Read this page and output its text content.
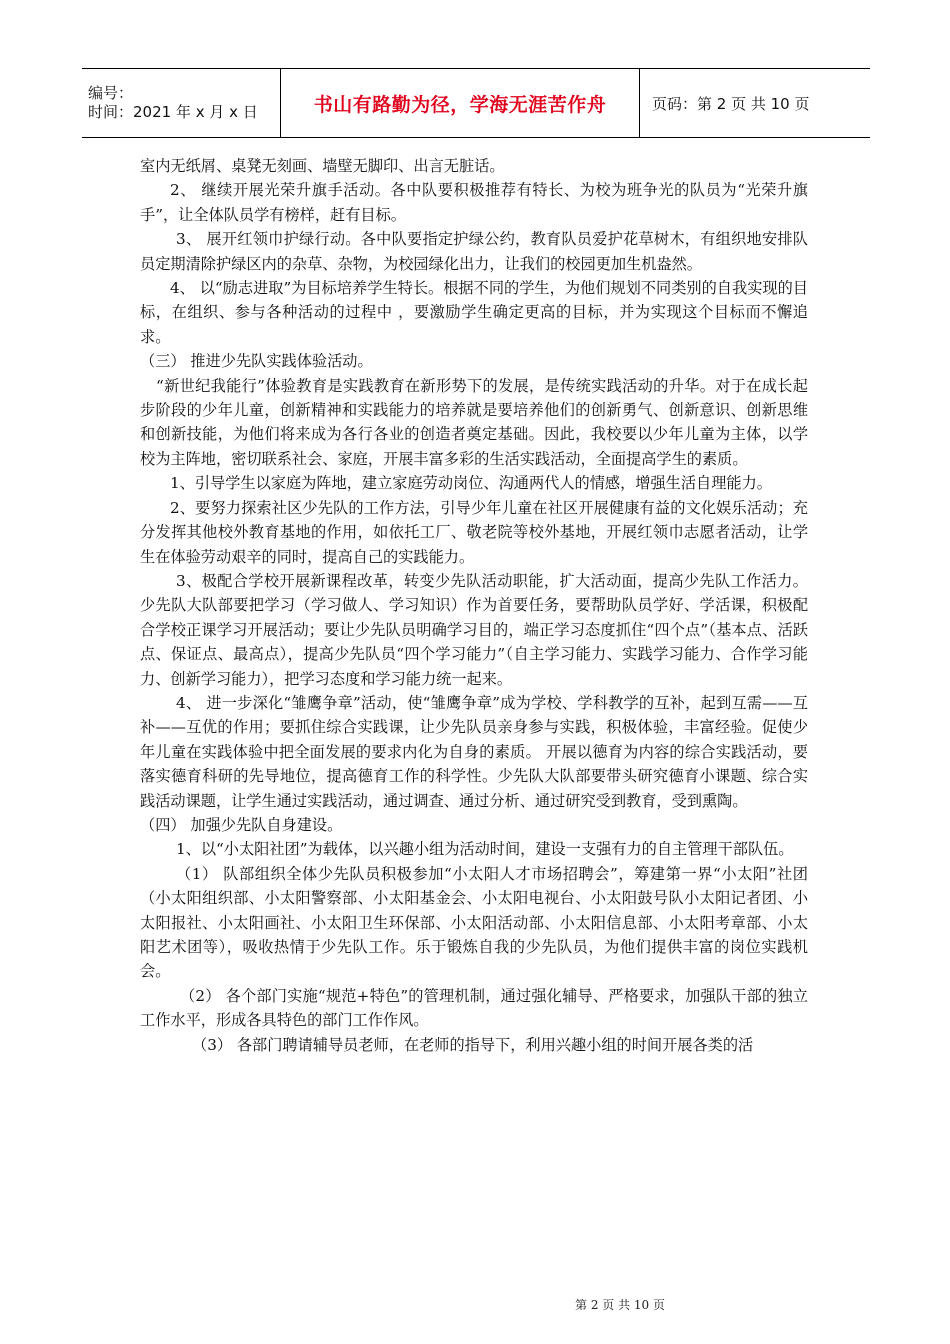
编号：
时间：2021 年 x 月 x 日	书山有路勤为径，学海无涯苦作舟	页码：第 2 页 共 10 页

室内无纸屑、桌凳无刻画、墙壁无脚印、出言无脏话。

2、 继续开展光荣升旗手活动。各中队要积极推荐有特长、为校为班争光的队员为“光荣升旗手”，让全体队员学有榜样，赶有目标。

3、 展开红领巾护绿行动。各中队要指定护绿公约，教育队员爱护花草树木，有组织地安排队员定期清除护绿区内的杂草、杂物，为校园绿化出力，让我们的校园更加生机盎然。

4、 以“励志进取”为目标培养学生特长。根据不同的学生，为他们规划不同类别的自我实现的目标，在组织、参与各种活动的过程中 ，要激励学生确定更高的目标，并为实现这个目标而不懈追求。

（三） 推进少先队实践体验活动。

“新世纪我能行”体验教育是实践教育在新形势下的发展，是传统实践活动的升华。对于在成长起步阶段的少年儿童，创新精神和实践能力的培养就是要培养他们的创新勇气、创新意识、创新思维和创新技能，为他们将来成为各行各业的创造者奠定基础。因此，我校要以少年儿童为主体，以学校为主阵地，密切联系社会、家庭，开展丰富多彩的生活实践活动，全面提高学生的素质。

1、引导学生以家庭为阵地，建立家庭劳动岗位、沟通两代人的情感，增强生活自理能力。

2、要努力探索社区少先队的工作方法，引导少年儿童在社区开展健康有益的文化娱乐活动；充分发挥其他校外教育基地的作用，如依托工厂、敬老院等校外基地，开展红领巾志愿者活动，让学生在体验劳动艰辛的同时，提高自己的实践能力。

3、极配合学校开展新课程改革，转变少先队活动职能，扩大活动面，提高少先队工作活力。少先队大队部要把学习（学习做人、学习知识）作为首要任务，要帮助队员学好、学活课，积极配合学校正课学习开展活动；要让少先队员明确学习目的，端正学习态度抓住“四个点”（基本点、活跃点、保证点、最高点），提高少先队员“四个学习能力”（自主学习能力、实践学习能力、合作学习能力、创新学习能力），把学习态度和学习能力统一起来。

4、 进一步深化“雏鹰争章”活动，使“雏鹰争章”成为学校、学科教学的互补，起到互需——互补——互优的作用；要抓住综合实践课，让少先队员亲身参与实践，积极体验，丰富经验。促使少年儿童在实践体验中把全面发展的要求内化为自身的素质。 开展以德育为内容的综合实践活动，要落实德育科研的先导地位，提高德育工作的科学性。少先队大队部要带头研究德育小课题、综合实践活动课题，让学生通过实践活动，通过调查、通过分析、通过研究受到教育，受到熏陶。

（四） 加强少先队自身建设。

1、以“小太阳社团”为载体，以兴趣小组为活动时间，建设一支强有力的自主管理干部队伍。

（1） 队部组织全体少先队员积极参加“小太阳人才市场招聘会”，筹建第一界“小太阳”社团（小太阳组织部、小太阳警察部、小太阳基金会、小太阳电视台、小太阳鼓号队小太阳记者团、小太阳报社、小太阳画社、小太阳卫生环保部、小太阳活动部、小太阳信息部、小太阳考章部、小太阳艺术团等），吸收热情于少先队工作。乐于锻炼自我的少先队员，为他们提供丰富的岗位实践机会。

（2） 各个部门实施“规范+特色”的管理机制，通过强化辅导、严格要求，加强队干部的独立工作水平，形成各具特色的部门工作作风。

（3） 各部门聘请辅导员老师，在老师的指导下，利用兴趣小组的时间开展各类的活

第 2 页 共 10 页
